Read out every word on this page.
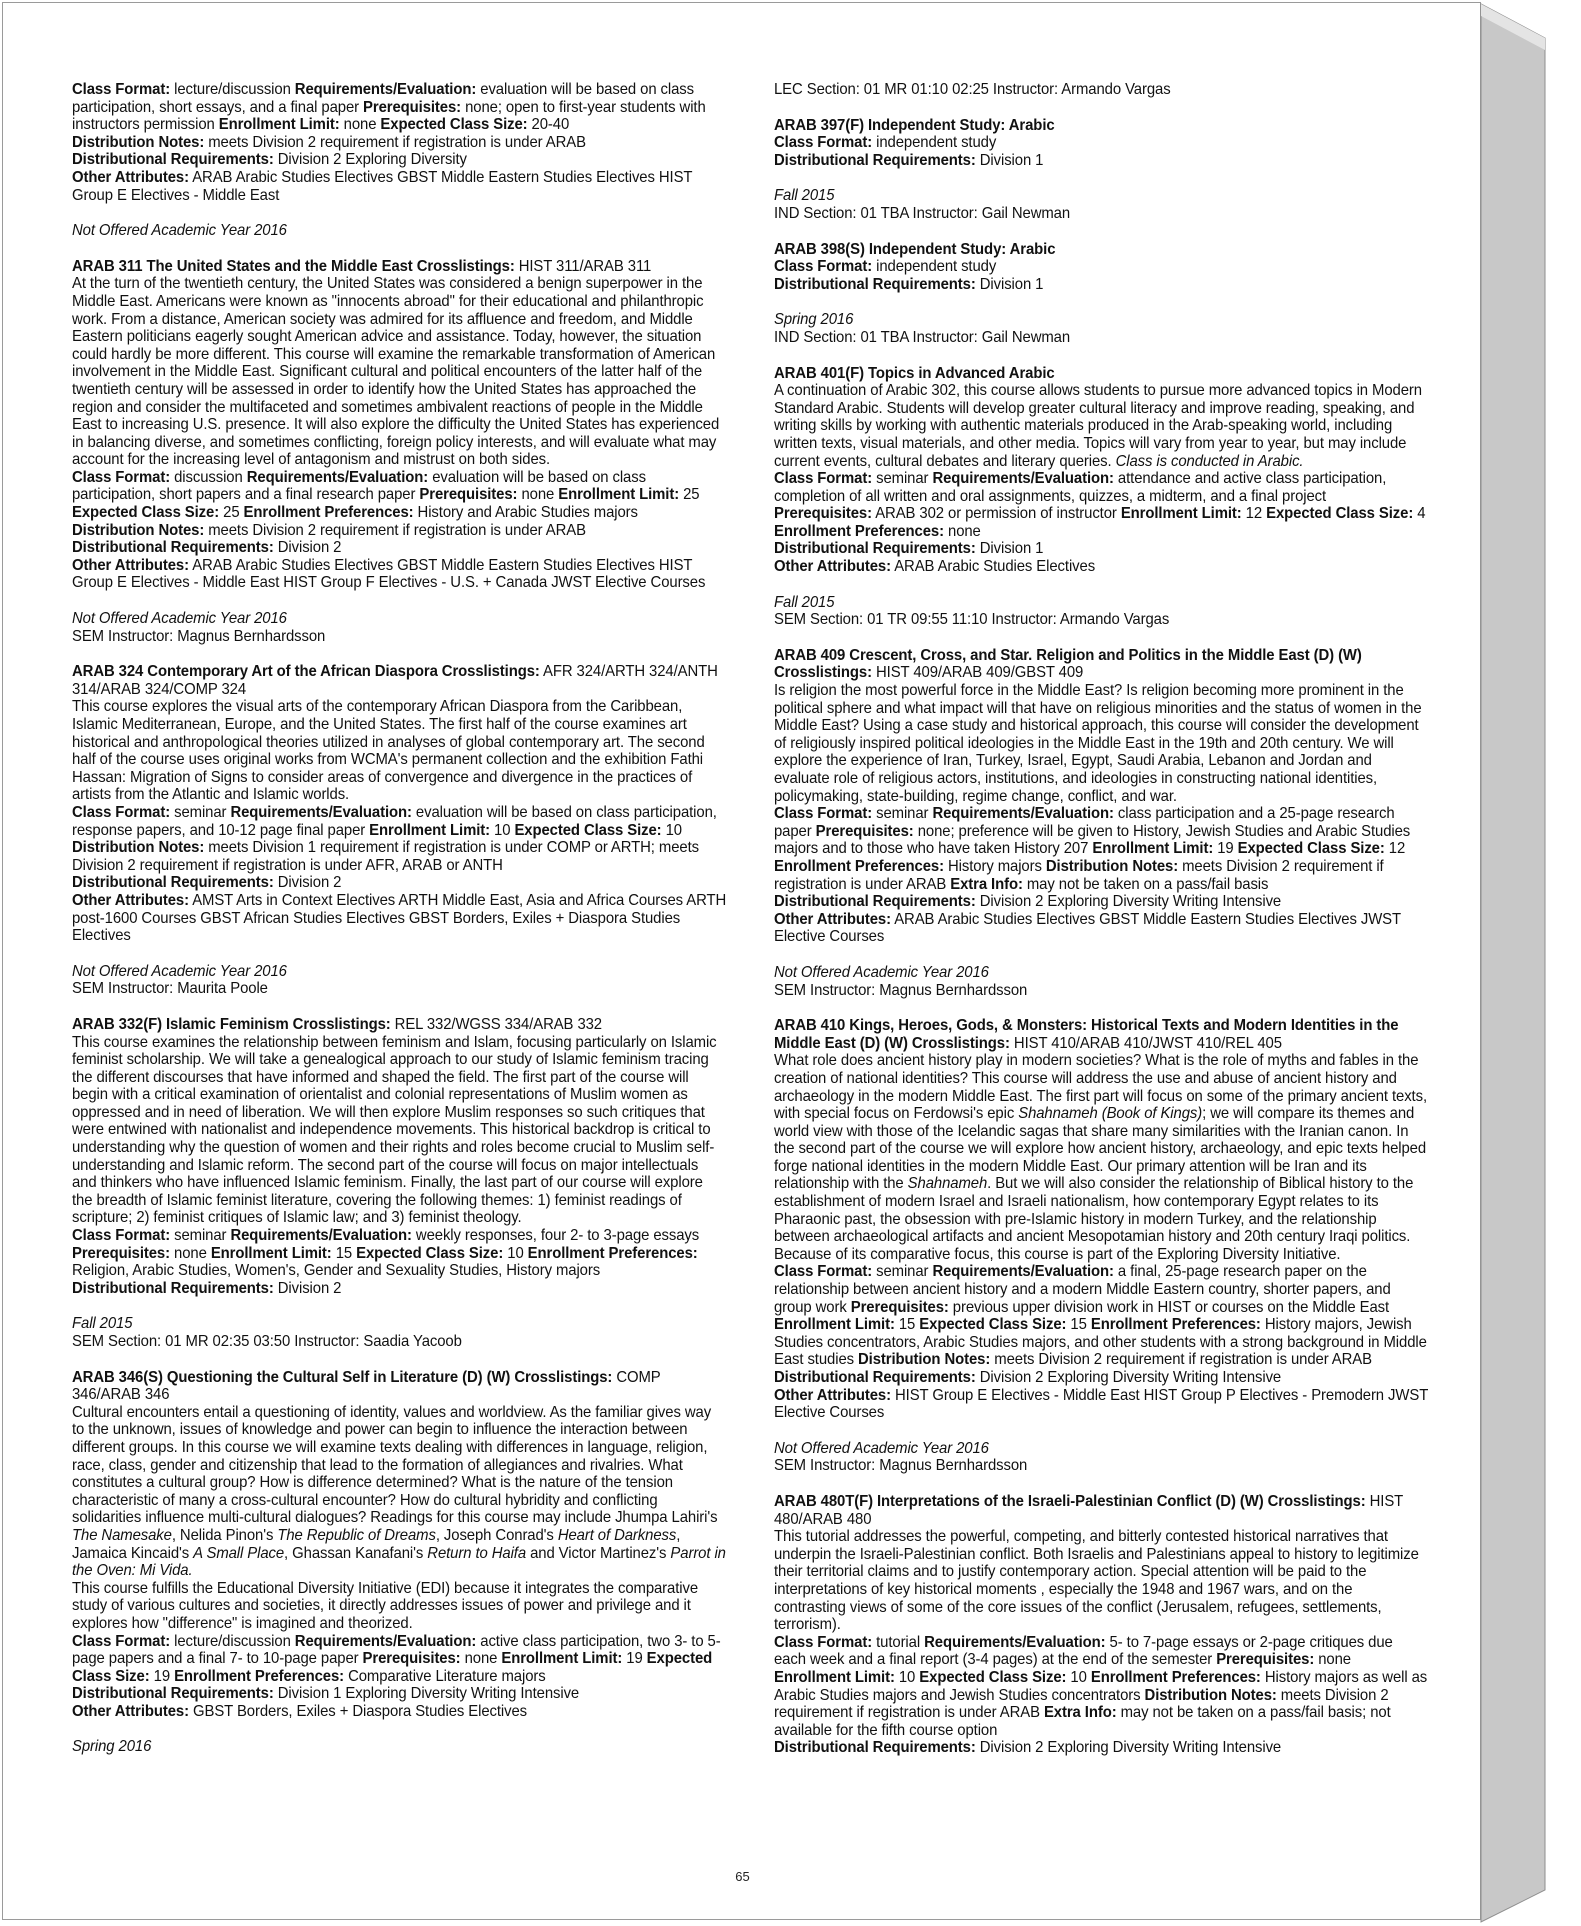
Class Format: lecture/discussion Requirements/Evaluation: evaluation will be based on class participation, short essays, and a final paper Prerequisites: none; open to first-year students with instructors permission Enrollment Limit: none Expected Class Size: 20-40

Distribution Notes: meets Division 2 requirement if registration is under ARAB

Distributional Requirements: Division 2 Exploring Diversity

Other Attributes: ARAB Arabic Studies Electives GBST Middle Eastern Studies Electives HIST Group E Electives - Middle East

Not Offered Academic Year 2016

ARAB 311 The United States and the Middle East Crosslistings: HIST 311/ARAB 311

At the turn of the twentieth century, the United States was considered a benign superpower in the Middle East. Americans were known as "innocents abroad" for their educational and philanthropic work. From a distance, American society was admired for its affluence and freedom, and Middle Eastern politicians eagerly sought American advice and assistance. Today, however, the situation could hardly be more different. This course will examine the remarkable transformation of American involvement in the Middle East. Significant cultural and political encounters of the latter half of the twentieth century will be assessed in order to identify how the United States has approached the region and consider the multifaceted and sometimes ambivalent reactions of people in the Middle East to increasing U.S. presence. It will also explore the difficulty the United States has experienced in balancing diverse, and sometimes conflicting, foreign policy interests, and will evaluate what may account for the increasing level of antagonism and mistrust on both sides.

Class Format: discussion Requirements/Evaluation: evaluation will be based on class participation, short papers and a final research paper Prerequisites: none Enrollment Limit: 25 Expected Class Size: 25 Enrollment Preferences: History and Arabic Studies majors

Distribution Notes: meets Division 2 requirement if registration is under ARAB

Distributional Requirements: Division 2

Other Attributes: ARAB Arabic Studies Electives GBST Middle Eastern Studies Electives HIST Group E Electives - Middle East HIST Group F Electives - U.S. + Canada JWST Elective Courses

Not Offered Academic Year 2016
SEM Instructor: Magnus Bernhardsson

ARAB 324 Contemporary Art of the African Diaspora Crosslistings: AFR 324/ARTH 324/ANTH 314/ARAB 324/COMP 324

This course explores the visual arts of the contemporary African Diaspora from the Caribbean, Islamic Mediterranean, Europe, and the United States. The first half of the course examines art historical and anthropological theories utilized in analyses of global contemporary art. The second half of the course uses original works from WCMA's permanent collection and the exhibition Fathi Hassan: Migration of Signs to consider areas of convergence and divergence in the practices of artists from the Atlantic and Islamic worlds.

Class Format: seminar Requirements/Evaluation: evaluation will be based on class participation, response papers, and 10-12 page final paper Enrollment Limit: 10 Expected Class Size: 10 Distribution Notes: meets Division 1 requirement if registration is under COMP or ARTH; meets Division 2 requirement if registration is under AFR, ARAB or ANTH

Distributional Requirements: Division 2

Other Attributes: AMST Arts in Context Electives ARTH Middle East, Asia and Africa Courses ARTH post-1600 Courses GBST African Studies Electives GBST Borders, Exiles + Diaspora Studies Electives

Not Offered Academic Year 2016
SEM Instructor: Maurita Poole

ARAB 332(F) Islamic Feminism Crosslistings: REL 332/WGSS 334/ARAB 332

This course examines the relationship between feminism and Islam, focusing particularly on Islamic feminist scholarship. We will take a genealogical approach to our study of Islamic feminism tracing the different discourses that have informed and shaped the field. The first part of the course will begin with a critical examination of orientalist and colonial representations of Muslim women as oppressed and in need of liberation. We will then explore Muslim responses so such critiques that were entwined with nationalist and independence movements. This historical backdrop is critical to understanding why the question of women and their rights and roles become crucial to Muslim self-understanding and Islamic reform. The second part of the course will focus on major intellectuals and thinkers who have influenced Islamic feminism. Finally, the last part of our course will explore the breadth of Islamic feminist literature, covering the following themes: 1) feminist readings of scripture; 2) feminist critiques of Islamic law; and 3) feminist theology.

Class Format: seminar Requirements/Evaluation: weekly responses, four 2- to 3-page essays Prerequisites: none Enrollment Limit: 15 Expected Class Size: 10 Enrollment Preferences: Religion, Arabic Studies, Women's, Gender and Sexuality Studies, History majors

Distributional Requirements: Division 2

Fall 2015
SEM Section: 01 MR 02:35 03:50 Instructor: Saadia Yacoob

ARAB 346(S) Questioning the Cultural Self in Literature (D) (W) Crosslistings: COMP 346/ARAB 346

Cultural encounters entail a questioning of identity, values and worldview. As the familiar gives way to the unknown, issues of knowledge and power can begin to influence the interaction between different groups. In this course we will examine texts dealing with differences in language, religion, race, class, gender and citizenship that lead to the formation of allegiances and rivalries. What constitutes a cultural group? How is difference determined? What is the nature of the tension characteristic of many a cross-cultural encounter? How do cultural hybridity and conflicting solidarities influence multi-cultural dialogues? Readings for this course may include Jhumpa Lahiri's The Namesake, Nelida Pinon's The Republic of Dreams, Joseph Conrad's Heart of Darkness, Jamaica Kincaid's A Small Place, Ghassan Kanafani's Return to Haifa and Victor Martinez's Parrot in the Oven: Mi Vida.

This course fulfills the Educational Diversity Initiative (EDI) because it integrates the comparative study of various cultures and societies, it directly addresses issues of power and privilege and it explores how "difference" is imagined and theorized.

Class Format: lecture/discussion Requirements/Evaluation: active class participation, two 3- to 5-page papers and a final 7- to 10-page paper Prerequisites: none Enrollment Limit: 19 Expected Class Size: 19 Enrollment Preferences: Comparative Literature majors

Distributional Requirements: Division 1 Exploring Diversity Writing Intensive

Other Attributes: GBST Borders, Exiles + Diaspora Studies Electives

Spring 2016
LEC Section: 01 MR 01:10 02:25 Instructor: Armando Vargas

ARAB 397(F) Independent Study: Arabic

Class Format: independent study

Distributional Requirements: Division 1

Fall 2015
IND Section: 01 TBA Instructor: Gail Newman

ARAB 398(S) Independent Study: Arabic

Class Format: independent study

Distributional Requirements: Division 1

Spring 2016
IND Section: 01 TBA Instructor: Gail Newman

ARAB 401(F) Topics in Advanced Arabic

A continuation of Arabic 302, this course allows students to pursue more advanced topics in Modern Standard Arabic. Students will develop greater cultural literacy and improve reading, speaking, and writing skills by working with authentic materials produced in the Arab-speaking world, including written texts, visual materials, and other media. Topics will vary from year to year, but may include current events, cultural debates and literary queries. Class is conducted in Arabic.

Class Format: seminar Requirements/Evaluation: attendance and active class participation, completion of all written and oral assignments, quizzes, a midterm, and a final project

Prerequisites: ARAB 302 or permission of instructor Enrollment Limit: 12 Expected Class Size: 4 Enrollment Preferences: none

Distributional Requirements: Division 1

Other Attributes: ARAB Arabic Studies Electives

Fall 2015
SEM Section: 01 TR 09:55 11:10 Instructor: Armando Vargas

ARAB 409 Crescent, Cross, and Star. Religion and Politics in the Middle East (D) (W) Crosslistings: HIST 409/ARAB 409/GBST 409

Is religion the most powerful force in the Middle East? Is religion becoming more prominent in the political sphere and what impact will that have on religious minorities and the status of women in the Middle East? Using a case study and historical approach, this course will consider the development of religiously inspired political ideologies in the Middle East in the 19th and 20th century. We will explore the experience of Iran, Turkey, Israel, Egypt, Saudi Arabia, Lebanon and Jordan and evaluate role of religious actors, institutions, and ideologies in constructing national identities, policymaking, state-building, regime change, conflict, and war.

Class Format: seminar Requirements/Evaluation: class participation and a 25-page research paper Prerequisites: none; preference will be given to History, Jewish Studies and Arabic Studies majors and to those who have taken History 207 Enrollment Limit: 19 Expected Class Size: 12 Enrollment Preferences: History majors Distribution Notes: meets Division 2 requirement if registration is under ARAB Extra Info: may not be taken on a pass/fail basis

Distributional Requirements: Division 2 Exploring Diversity Writing Intensive

Other Attributes: ARAB Arabic Studies Electives GBST Middle Eastern Studies Electives JWST Elective Courses

Not Offered Academic Year 2016
SEM Instructor: Magnus Bernhardsson

ARAB 410 Kings, Heroes, Gods, & Monsters: Historical Texts and Modern Identities in the Middle East (D) (W) Crosslistings: HIST 410/ARAB 410/JWST 410/REL 405

What role does ancient history play in modern societies? What is the role of myths and fables in the creation of national identities? This course will address the use and abuse of ancient history and archaeology in the modern Middle East. The first part will focus on some of the primary ancient texts, with special focus on Ferdowsi's epic Shahnameh (Book of Kings); we will compare its themes and world view with those of the Icelandic sagas that share many similarities with the Iranian canon. In the second part of the course we will explore how ancient history, archaeology, and epic texts helped forge national identities in the modern Middle East. Our primary attention will be Iran and its relationship with the Shahnameh. But we will also consider the relationship of Biblical history to the establishment of modern Israel and Israeli nationalism, how contemporary Egypt relates to its Pharaonic past, the obsession with pre-Islamic history in modern Turkey, and the relationship between archaeological artifacts and ancient Mesopotamian history and 20th century Iraqi politics. Because of its comparative focus, this course is part of the Exploring Diversity Initiative.

Class Format: seminar Requirements/Evaluation: a final, 25-page research paper on the relationship between ancient history and a modern Middle Eastern country, shorter papers, and group work Prerequisites: previous upper division work in HIST or courses on the Middle East Enrollment Limit: 15 Expected Class Size: 15 Enrollment Preferences: History majors, Jewish Studies concentrators, Arabic Studies majors, and other students with a strong background in Middle East studies Distribution Notes: meets Division 2 requirement if registration is under ARAB

Distributional Requirements: Division 2 Exploring Diversity Writing Intensive

Other Attributes: HIST Group E Electives - Middle East HIST Group P Electives - Premodern JWST Elective Courses

Not Offered Academic Year 2016
SEM Instructor: Magnus Bernhardsson

ARAB 480T(F) Interpretations of the Israeli-Palestinian Conflict (D) (W) Crosslistings: HIST 480/ARAB 480

This tutorial addresses the powerful, competing, and bitterly contested historical narratives that underpin the Israeli-Palestinian conflict. Both Israelis and Palestinians appeal to history to legitimize their territorial claims and to justify contemporary action. Special attention will be paid to the interpretations of key historical moments , especially the 1948 and 1967 wars, and on the contrasting views of some of the core issues of the conflict (Jerusalem, refugees, settlements, terrorism).

Class Format: tutorial Requirements/Evaluation: 5- to 7-page essays or 2-page critiques due each week and a final report (3-4 pages) at the end of the semester Prerequisites: none Enrollment Limit: 10 Expected Class Size: 10 Enrollment Preferences: History majors as well as Arabic Studies majors and Jewish Studies concentrators Distribution Notes: meets Division 2 requirement if registration is under ARAB Extra Info: may not be taken on a pass/fail basis; not available for the fifth course option

Distributional Requirements: Division 2 Exploring Diversity Writing Intensive

65
